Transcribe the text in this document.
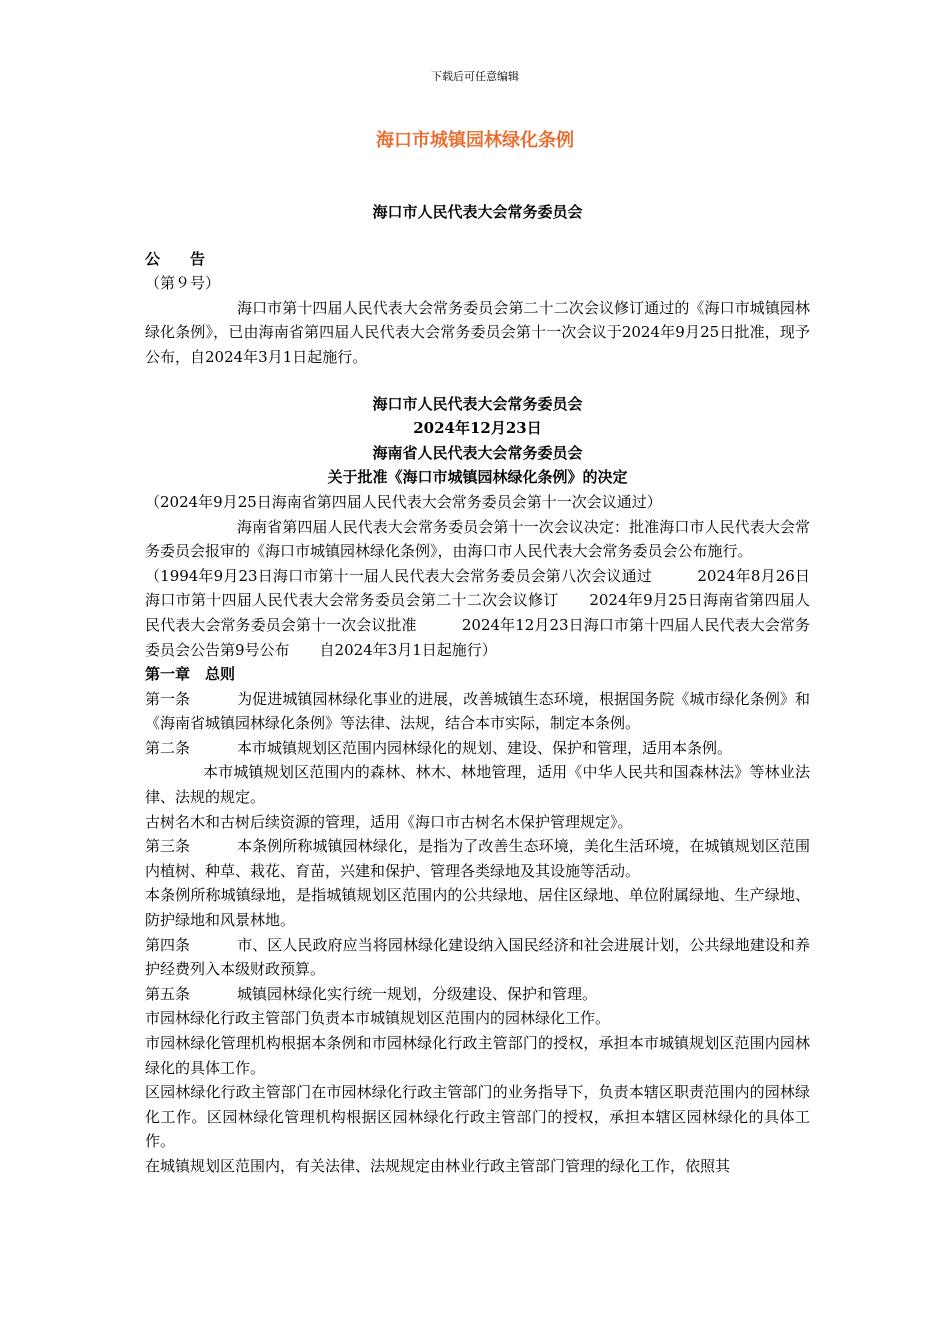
下载后可任意编辑
海口市城镇园林绿化条例

海口市人民代表大会常务委员会

公　　告

（第９号）

海口市第十四届人民代表大会常务委员会第二十二次会议修订通过的《海口市城镇园林绿化条例》，已由海南省第四届人民代表大会常务委员会第十一次会议于2024年9月25日批准，现予公布，自2024年3月1日起施行。

海口市人民代表大会常务委员会

2024年12月23日

海南省人民代表大会常务委员会

关于批准《海口市城镇园林绿化条例》的决定

（2024年9月25日海南省第四届人民代表大会常务委员会第十一次会议通过）

海南省第四届人民代表大会常务委员会第十一次会议决定：批准海口市人民代表大会常务委员会报审的《海口市城镇园林绿化条例》，由海口市人民代表大会常务委员会公布施行。

（1994年9月23日海口市第十一届人民代表大会常务委员会第八次会议通过　　　2024年8月26日海口市第十四届人民代表大会常务委员会第二十二次会议修订　　2024年9月25日海南省第四届人民代表大会常务委员会第十一次会议批准　　　2024年12月23日海口市第十四届人民代表大会常务委员会公告第9号公布　　自2024年3月1日起施行）

第一章　总则

第一条	为促进城镇园林绿化事业的进展，改善城镇生态环境，根据国务院《城市绿化条例》和《海南省城镇园林绿化条例》等法律、法规，结合本市实际，制定本条例。

第二条	本市城镇规划区范围内园林绿化的规划、建设、保护和管理，适用本条例。

本市城镇规划区范围内的森林、林木、林地管理，适用《中华人民共和国森林法》等林业法律、法规的规定。

古树名木和古树后续资源的管理，适用《海口市古树名木保护管理规定》。

第三条	本条例所称城镇园林绿化，是指为了改善生态环境，美化生活环境，在城镇规划区范围内植树、种草、栽花、育苗，兴建和保护、管理各类绿地及其设施等活动。

本条例所称城镇绿地，是指城镇规划区范围内的公共绿地、居住区绿地、单位附属绿地、生产绿地、防护绿地和风景林地。

第四条	市、区人民政府应当将园林绿化建设纳入国民经济和社会进展计划，公共绿地建设和养护经费列入本级财政预算。

第五条	城镇园林绿化实行统一规划，分级建设、保护和管理。

市园林绿化行政主管部门负责本市城镇规划区范围内的园林绿化工作。

市园林绿化管理机构根据本条例和市园林绿化行政主管部门的授权，承担本市城镇规划区范围内园林绿化的具体工作。

区园林绿化行政主管部门在市园林绿化行政主管部门的业务指导下，负责本辖区职责范围内的园林绿化工作。区园林绿化管理机构根据区园林绿化行政主管部门的授权，承担本辖区园林绿化的具体工作。

在城镇规划区范围内，有关法律、法规规定由林业行政主管部门管理的绿化工作，依照其
